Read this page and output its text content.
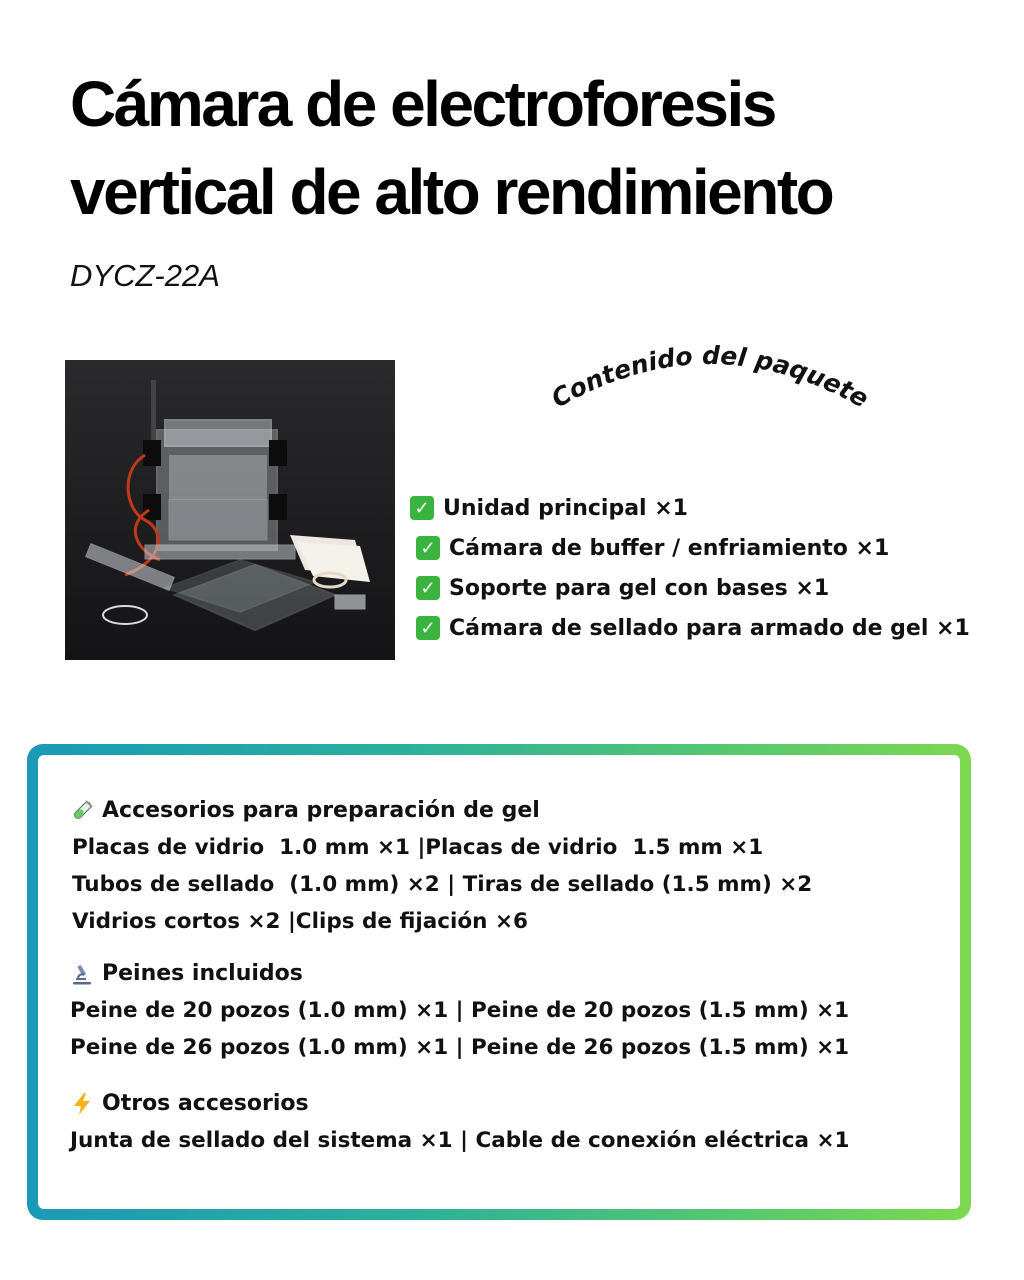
Cámara de electroforesis
vertical de alto rendimiento
DYCZ-22A
Contenido del paquete
✓ Unidad principal ×1
✓ Cámara de buffer / enfriamiento ×1
✓ Soporte para gel con bases ×1
✓ Cámara de sellado para armado de gel ×1
Accesorios para preparación de gel
Placas de vidrio  1.0 mm ×1 |Placas de vidrio  1.5 mm ×1
Tubos de sellado  (1.0 mm) ×2 | Tiras de sellado (1.5 mm) ×2
Vidrios cortos ×2 |Clips de fijación ×6
Peines incluidos
Peine de 20 pozos (1.0 mm) ×1 | Peine de 20 pozos (1.5 mm) ×1
Peine de 26 pozos (1.0 mm) ×1 | Peine de 26 pozos (1.5 mm) ×1
Otros accesorios
Junta de sellado del sistema ×1 | Cable de conexión eléctrica ×1
